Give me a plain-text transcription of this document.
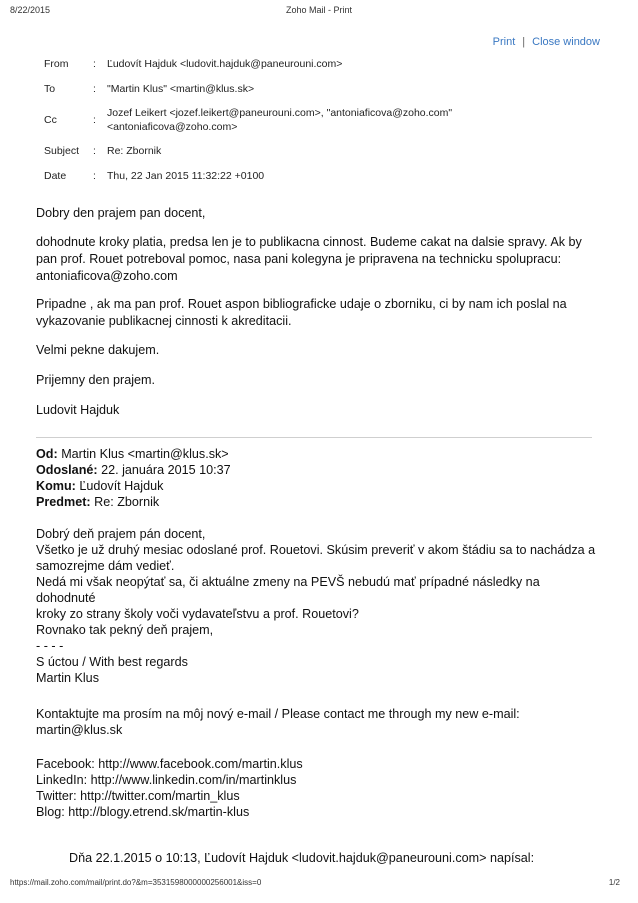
8/22/2015	Zoho Mail - Print
Print | Close window
From	:	Ľudovít Hajduk <ludovit.hajduk@paneurouni.com>
To	:	"Martin Klus" <martin@klus.sk>
Cc	:	Jozef Leikert <jozef.leikert@paneurouni.com>, "antoniaficova@zoho.com"
<antoniaficova@zoho.com>

Subject	:	Re: Zbornik
Date	:	Thu, 22 Jan 2015 11:32:22 +0100

Dobry den prajem pan docent,

dohodnute kroky platia, predsa len je to publikacna cinnost. Budeme cakat na dalsie spravy. Ak by

pan prof. Rouet potreboval pomoc, nasa pani kolegyna je pripravena na technicku spolupracu:

antoniaficova@zoho.com

Pripadne , ak ma pan prof. Rouet aspon bibliograficke udaje o zborniku, ci by nam ich poslal na

vykazovanie publikacnej cinnosti k akreditacii.

Velmi pekne dakujem.

Prijemny den prajem.

Ludovit Hajduk

Od: Martin Klus <martin@klus.sk>
Odoslané: 22. januára 2015 10:37
Komu: Ľudovít Hajduk
Predmet: Re: Zbornik

Dobrý deň prajem pán docent,

Všetko je už druhý mesiac odoslané prof. Rouetovi. Skúsim preveriť v akom štádiu sa to nachádza a

samozrejme dám vedieť.

Nedá mi však neopýtať sa, či aktuálne zmeny na PEVŠ nebudú mať prípadné následky na dohodnuté

kroky zo strany školy voči vydavateľstvu a prof. Rouetovi?

Rovnako tak pekný deň prajem,

- - - -

S úctou / With best regards

Martin Klus

Kontaktujte ma prosím na môj nový e-mail / Please contact me through my new e-mail:

martin@klus.sk

Facebook: http://www.facebook.com/martin.klus

LinkedIn: http://www.linkedin.com/in/martinklus

Twitter: http://twitter.com/martin_klus

Blog: http://blogy.etrend.sk/martin-klus

Dňa 22.1.2015 o 10:13, Ľudovít Hajduk <ludovit.hajduk@paneurouni.com> napísal:

https://mail.zoho.com/mail/print.do?&m=3531598000000256001&iss=0	1/2
